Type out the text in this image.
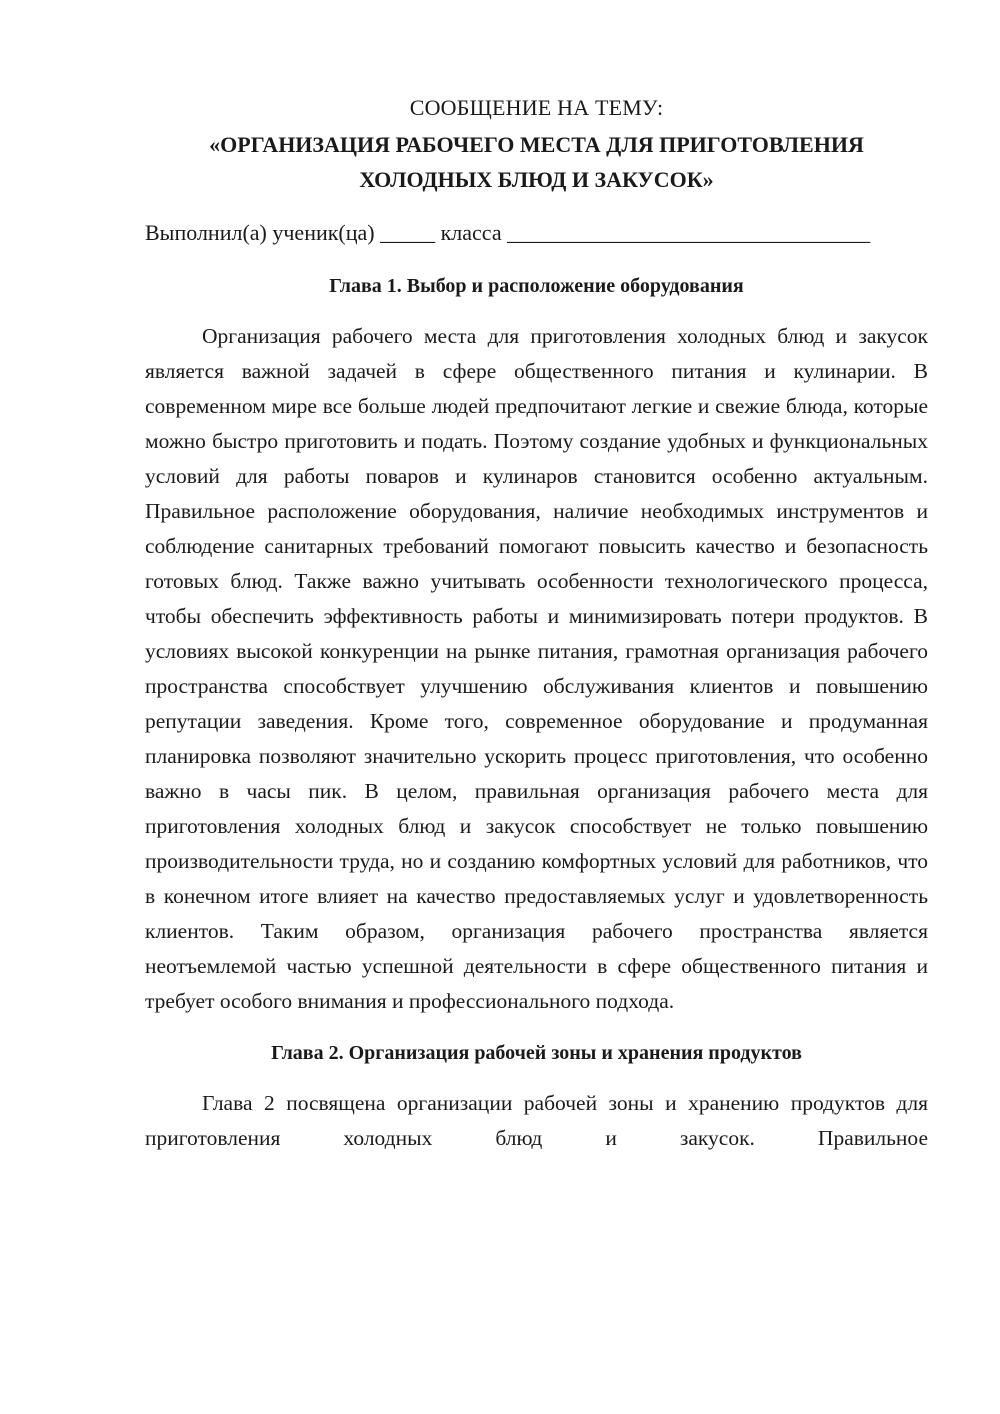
СООБЩЕНИЕ НА ТЕМУ:

«ОРГАНИЗАЦИЯ РАБОЧЕГО МЕСТА ДЛЯ ПРИГОТОВЛЕНИЯ
ХОЛОДНЫХ БЛЮД И ЗАКУСОК»

Выполнил(а) ученик(ца) _____ класса _________________________________

Глава 1. Выбор и расположение оборудования

Организация рабочего места для приготовления холодных блюд и закусок является важной задачей в сфере общественного питания и кулинарии. В современном мире все больше людей предпочитают легкие и свежие блюда, которые можно быстро приготовить и подать. Поэтому создание удобных и функциональных условий для работы поваров и кулинаров становится особенно актуальным. Правильное расположение оборудования, наличие необходимых инструментов и соблюдение санитарных требований помогают повысить качество и безопасность готовых блюд. Также важно учитывать особенности технологического процесса, чтобы обеспечить эффективность работы и минимизировать потери продуктов. В условиях высокой конкуренции на рынке питания, грамотная организация рабочего пространства способствует улучшению обслуживания клиентов и повышению репутации заведения. Кроме того, современное оборудование и продуманная планировка позволяют значительно ускорить процесс приготовления, что особенно важно в часы пик. В целом, правильная организация рабочего места для приготовления холодных блюд и закусок способствует не только повышению производительности труда, но и созданию комфортных условий для работников, что в конечном итоге влияет на качество предоставляемых услуг и удовлетворенность клиентов. Таким образом, организация рабочего пространства является неотъемлемой частью успешной деятельности в сфере общественного питания и требует особого внимания и профессионального подхода.

Глава 2. Организация рабочей зоны и хранения продуктов

Глава 2 посвящена организации рабочей зоны и хранению продуктов для приготовления холодных блюд и закусок. Правильное
